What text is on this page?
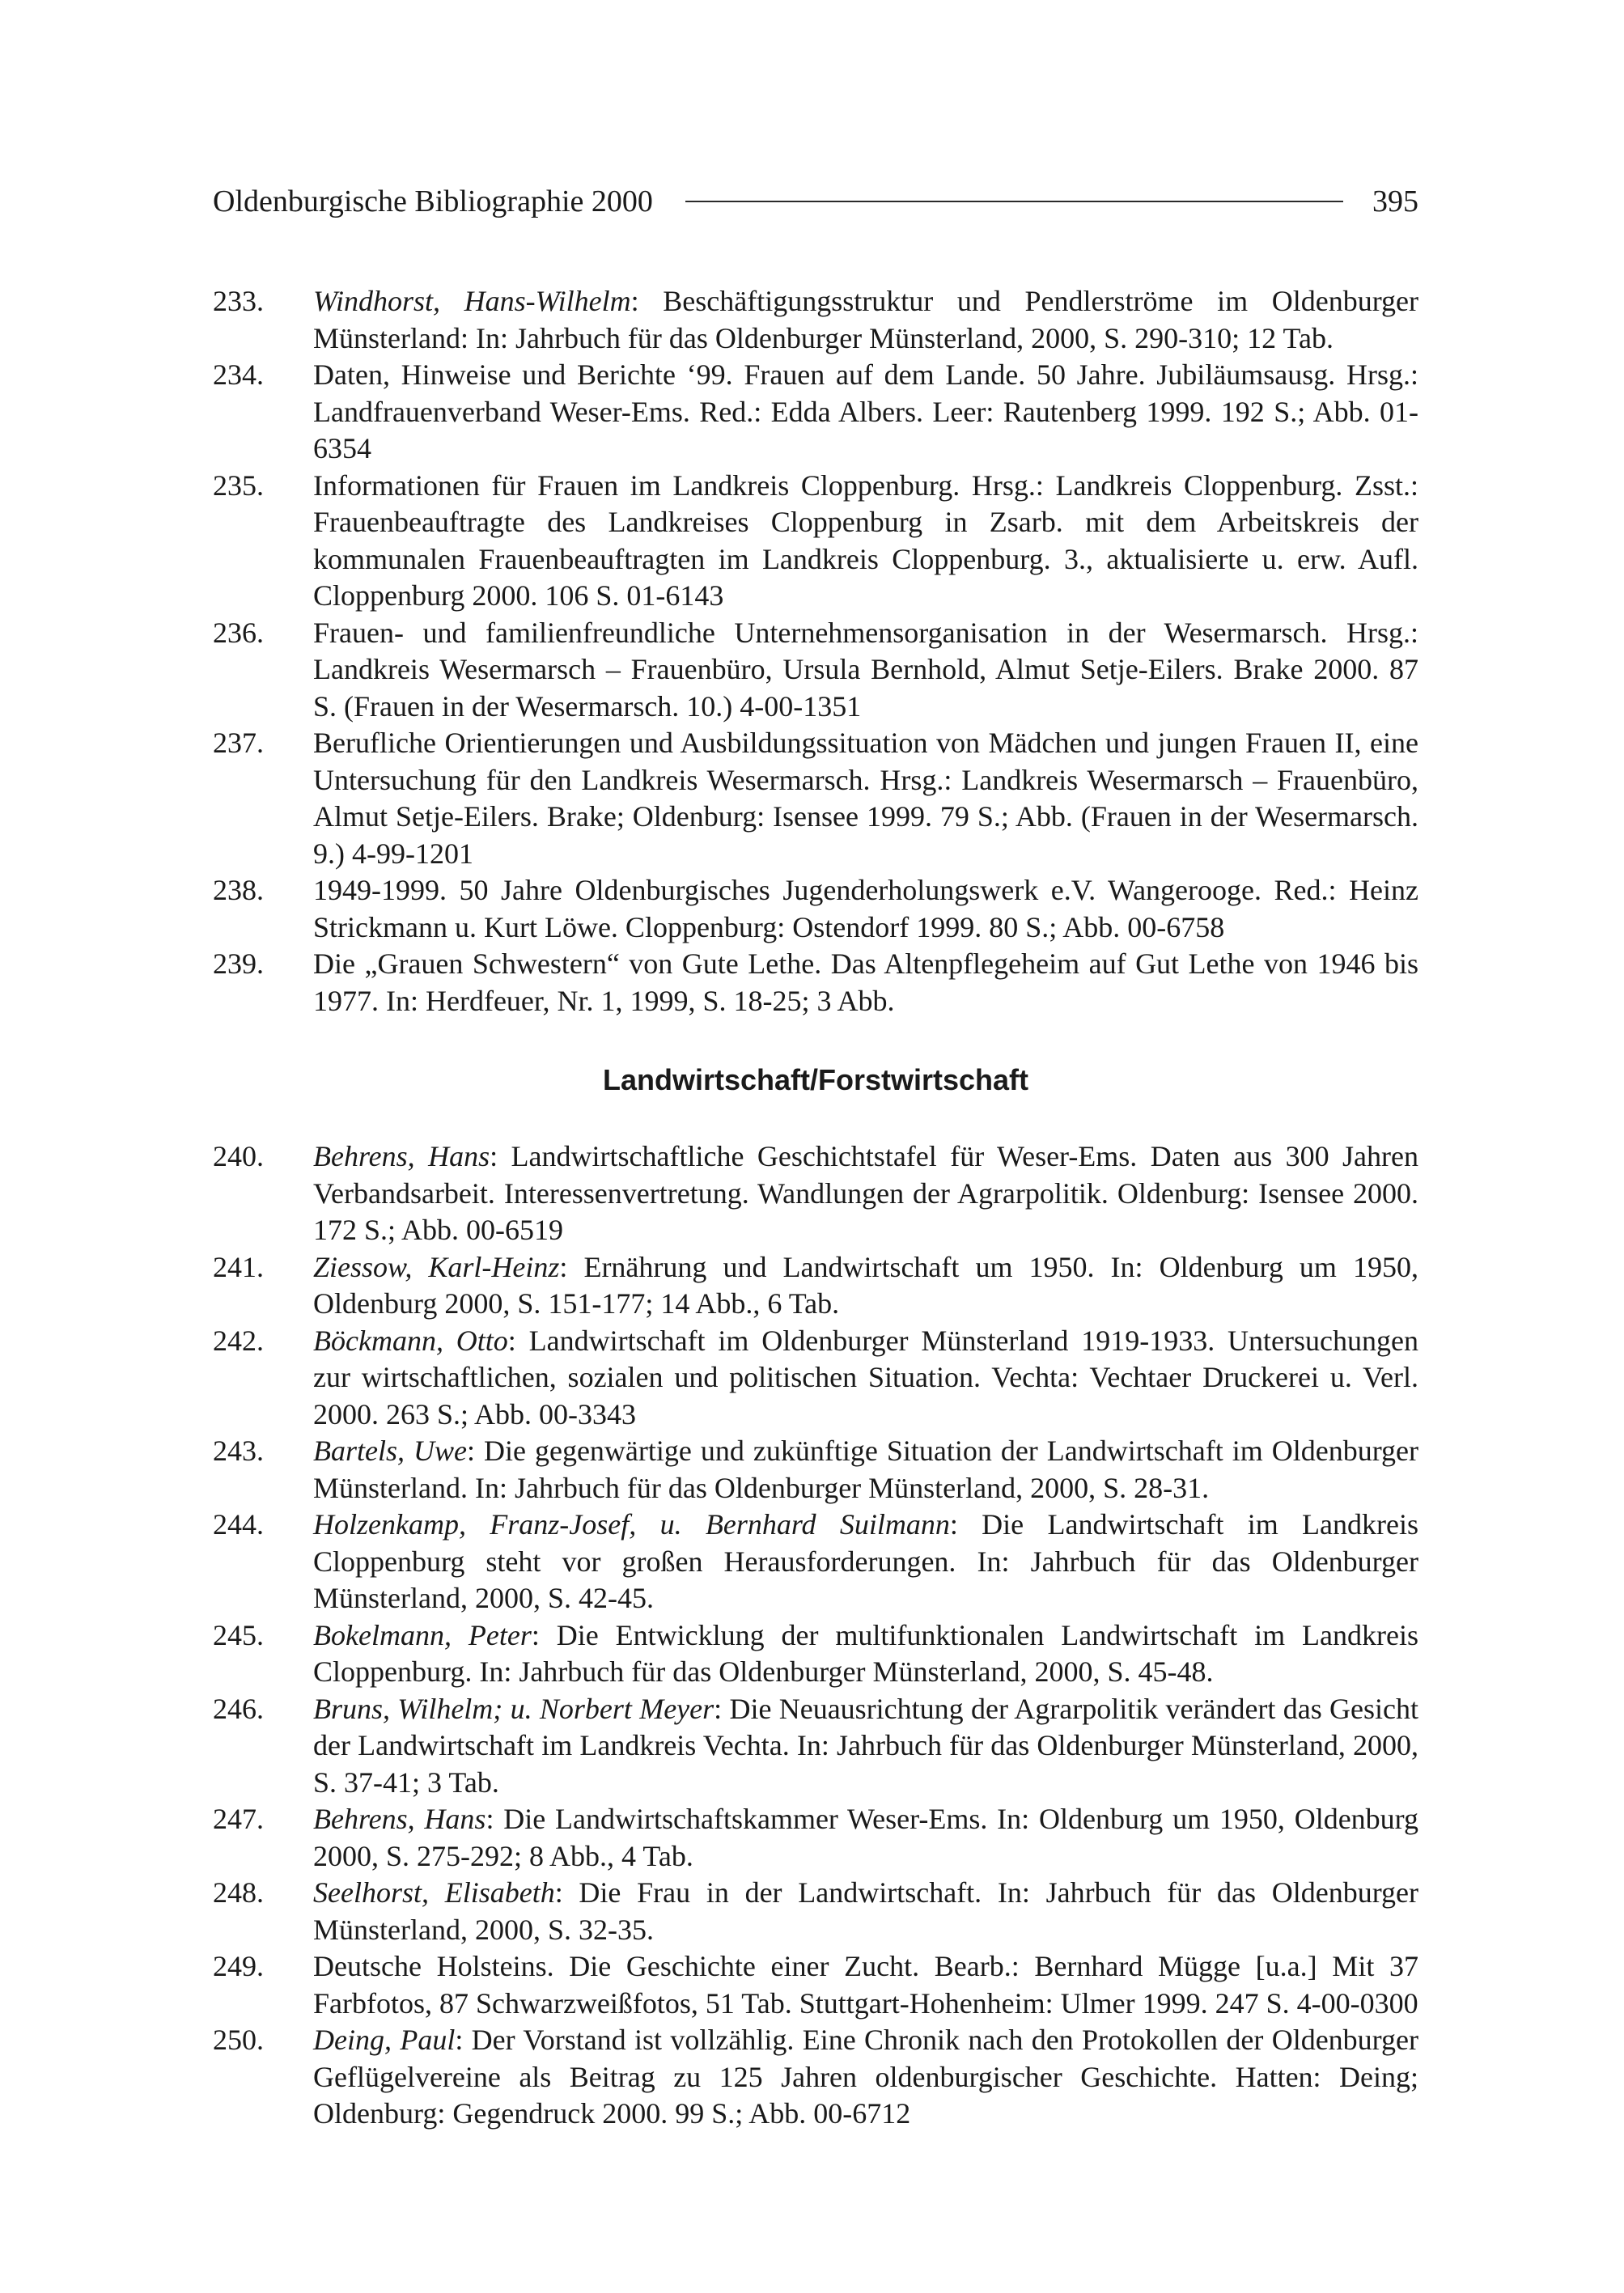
Oldenburgische Bibliographie 2000	395
233.	Windhorst, Hans-Wilhelm: Beschäftigungsstruktur und Pendlerströme im Oldenburger Münsterland: In: Jahrbuch für das Oldenburger Münsterland, 2000, S. 290-310; 12 Tab.
234.	Daten, Hinweise und Berichte ‘99. Frauen auf dem Lande. 50 Jahre. Jubiläumsausg. Hrsg.: Landfrauenverband Weser-Ems. Red.: Edda Albers. Leer: Rautenberg 1999. 192 S.; Abb. 01-6354
235.	Informationen für Frauen im Landkreis Cloppenburg. Hrsg.: Landkreis Cloppenburg. Zsst.: Frauenbeauftragte des Landkreises Cloppenburg in Zsarb. mit dem Arbeitskreis der kommunalen Frauenbeauftragten im Landkreis Cloppenburg. 3., aktualisierte u. erw. Aufl. Cloppenburg 2000. 106 S. 01-6143
236.	Frauen- und familienfreundliche Unternehmensorganisation in der Wesermarsch. Hrsg.: Landkreis Wesermarsch – Frauenbüro, Ursula Bernhold, Almut Setje-Eilers. Brake 2000. 87 S. (Frauen in der Wesermarsch. 10.) 4-00-1351
237.	Berufliche Orientierungen und Ausbildungssituation von Mädchen und jungen Frauen II, eine Untersuchung für den Landkreis Wesermarsch. Hrsg.: Landkreis Wesermarsch – Frauenbüro, Almut Setje-Eilers. Brake; Oldenburg: Isensee 1999. 79 S.; Abb. (Frauen in der Wesermarsch. 9.) 4-99-1201
238.	1949-1999. 50 Jahre Oldenburgisches Jugenderholungswerk e.V. Wangerooge. Red.: Heinz Strickmann u. Kurt Löwe. Cloppenburg: Ostendorf 1999. 80 S.; Abb. 00-6758
239.	Die „Grauen Schwestern“ von Gute Lethe. Das Altenpflegeheim auf Gut Lethe von 1946 bis 1977. In: Herdfeuer, Nr. 1, 1999, S. 18-25; 3 Abb.
Landwirtschaft/Forstwirtschaft
240.	Behrens, Hans: Landwirtschaftliche Geschichtstafel für Weser-Ems. Daten aus 300 Jahren Verbandsarbeit. Interessenvertretung. Wandlungen der Agrarpolitik. Oldenburg: Isensee 2000. 172 S.; Abb. 00-6519
241.	Ziessow, Karl-Heinz: Ernährung und Landwirtschaft um 1950. In: Oldenburg um 1950, Oldenburg 2000, S. 151-177; 14 Abb., 6 Tab.
242.	Böckmann, Otto: Landwirtschaft im Oldenburger Münsterland 1919-1933. Untersuchungen zur wirtschaftlichen, sozialen und politischen Situation. Vechta: Vechtaer Druckerei u. Verl. 2000. 263 S.; Abb. 00-3343
243.	Bartels, Uwe: Die gegenwärtige und zukünftige Situation der Landwirtschaft im Oldenburger Münsterland. In: Jahrbuch für das Oldenburger Münsterland, 2000, S. 28-31.
244.	Holzenkamp, Franz-Josef, u. Bernhard Suilmann: Die Landwirtschaft im Landkreis Cloppenburg steht vor großen Herausforderungen. In: Jahrbuch für das Oldenburger Münsterland, 2000, S. 42-45.
245.	Bokelmann, Peter: Die Entwicklung der multifunktionalen Landwirtschaft im Landkreis Cloppenburg. In: Jahrbuch für das Oldenburger Münsterland, 2000, S. 45-48.
246.	Bruns, Wilhelm; u. Norbert Meyer: Die Neuausrichtung der Agrarpolitik verändert das Gesicht der Landwirtschaft im Landkreis Vechta. In: Jahrbuch für das Oldenburger Münsterland, 2000, S. 37-41; 3 Tab.
247.	Behrens, Hans: Die Landwirtschaftskammer Weser-Ems. In: Oldenburg um 1950, Oldenburg 2000, S. 275-292; 8 Abb., 4 Tab.
248.	Seelhorst, Elisabeth: Die Frau in der Landwirtschaft. In: Jahrbuch für das Oldenburger Münsterland, 2000, S. 32-35.
249.	Deutsche Holsteins. Die Geschichte einer Zucht. Bearb.: Bernhard Mügge [u.a.] Mit 37 Farbfotos, 87 Schwarzweißfotos, 51 Tab. Stuttgart-Hohenheim: Ulmer 1999. 247 S. 4-00-0300
250.	Deing, Paul: Der Vorstand ist vollzählig. Eine Chronik nach den Protokollen der Oldenburger Geflügelvereine als Beitrag zu 125 Jahren oldenburgischer Geschichte. Hatten: Deing; Oldenburg: Gegendruck 2000. 99 S.; Abb. 00-6712
